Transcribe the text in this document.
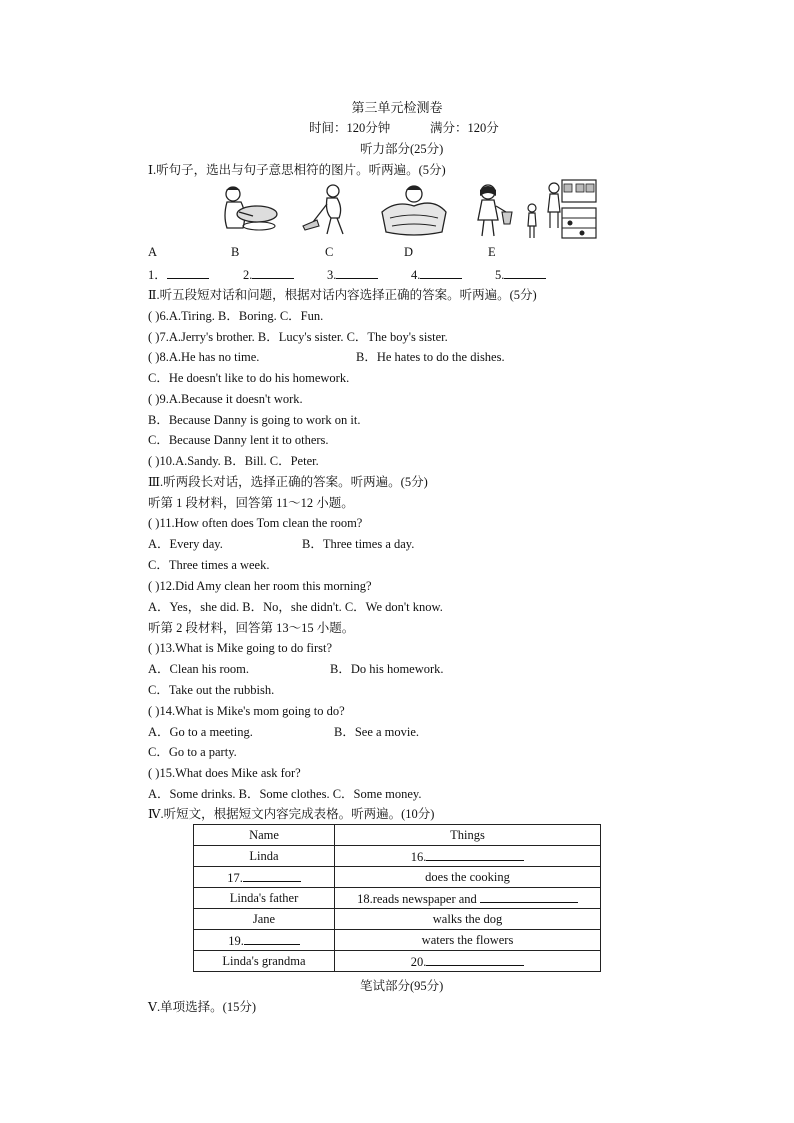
第三单元检测卷
时间：120分钟	满分：120分
听力部分(25分)
Ⅰ.听句子，选出与句子意思相符的图片。听两遍。(5分)
A	B	C	D	E
1．	2.	3.	4.	5.
Ⅱ.听五段短对话和问题，根据对话内容选择正确的答案。听两遍。(5分)
( )6.A.Tiring. B．Boring. C．Fun.
( )7.A.Jerry's brother. B．Lucy's sister. C．The boy's sister.
( )8.A.He has no time.	B．He hates to do the dishes.
C．He doesn't like to do his homework.
( )9.A.Because it doesn't work.
B．Because Danny is going to work on it.
C．Because Danny lent it to others.
( )10.A.Sandy. B．Bill. C．Peter.
Ⅲ.听两段长对话，选择正确的答案。听两遍。(5分)
听第 1 段材料，回答第 11～12 小题。
( )11.How often does Tom clean the room?
A．Every day.	B．Three times a day.
C．Three times a week.
( )12.Did Amy clean her room this morning?
A．Yes，she did. B．No，she didn't. C．We don't know.
听第 2 段材料，回答第 13～15 小题。
( )13.What is Mike going to do first?
A．Clean his room.	B．Do his homework.
C．Take out the rubbish.
( )14.What is Mike's mom going to do?
A．Go to a meeting.	B．See a movie.
C．Go to a party.
( )15.What does Mike ask for?
A．Some drinks. B．Some clothes. C．Some money.
Ⅳ.听短文，根据短文内容完成表格。听两遍。(10分)
Name	Things
Linda	16.
17.	does the cooking
Linda's father	18.reads newspaper and
Jane	walks the dog
19.	waters the flowers
Linda's grandma	20.
笔试部分(95分)
Ⅴ.单项选择。(15分)
